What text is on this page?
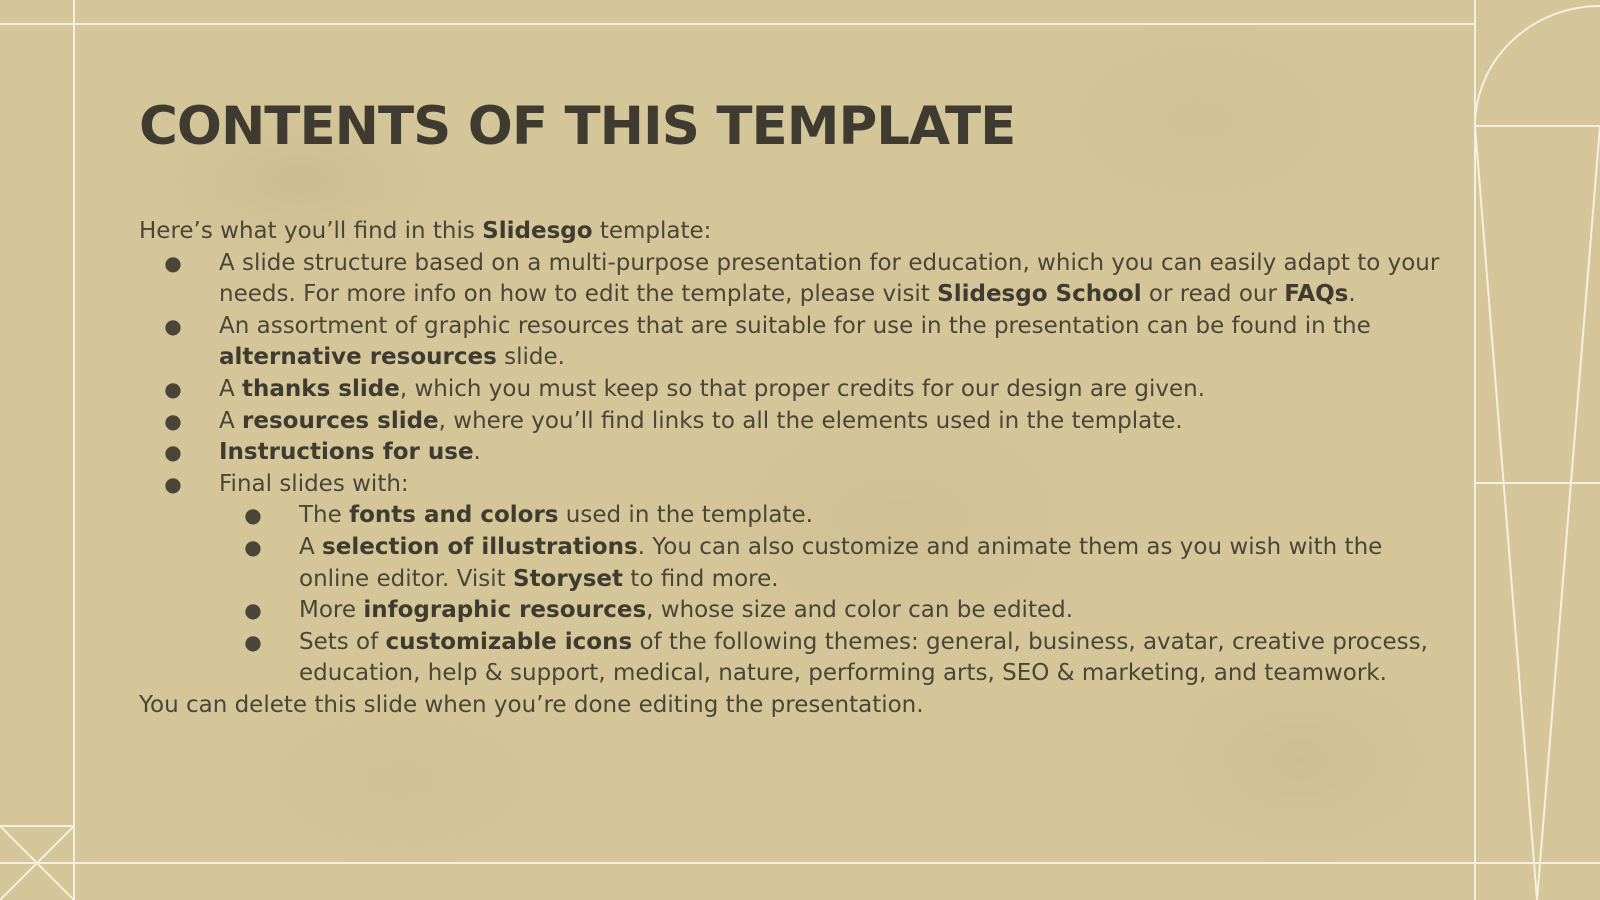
CONTENTS OF THIS TEMPLATE

Here’s what you’ll find in this Slidesgo template:

● A slide structure based on a multi-purpose presentation for education, which you can easily adapt to your needs. For more info on how to edit the template, please visit Slidesgo School or read our FAQs.
● An assortment of graphic resources that are suitable for use in the presentation can be found in the alternative resources slide.
● A thanks slide, which you must keep so that proper credits for our design are given.
● A resources slide, where you’ll find links to all the elements used in the template.
● Instructions for use.
● Final slides with:
● The fonts and colors used in the template.
● A selection of illustrations. You can also customize and animate them as you wish with the online editor. Visit Storyset to find more.
● More infographic resources, whose size and color can be edited.
● Sets of customizable icons of the following themes: general, business, avatar, creative process, education, help & support, medical, nature, performing arts, SEO & marketing, and teamwork.

You can delete this slide when you’re done editing the presentation.
